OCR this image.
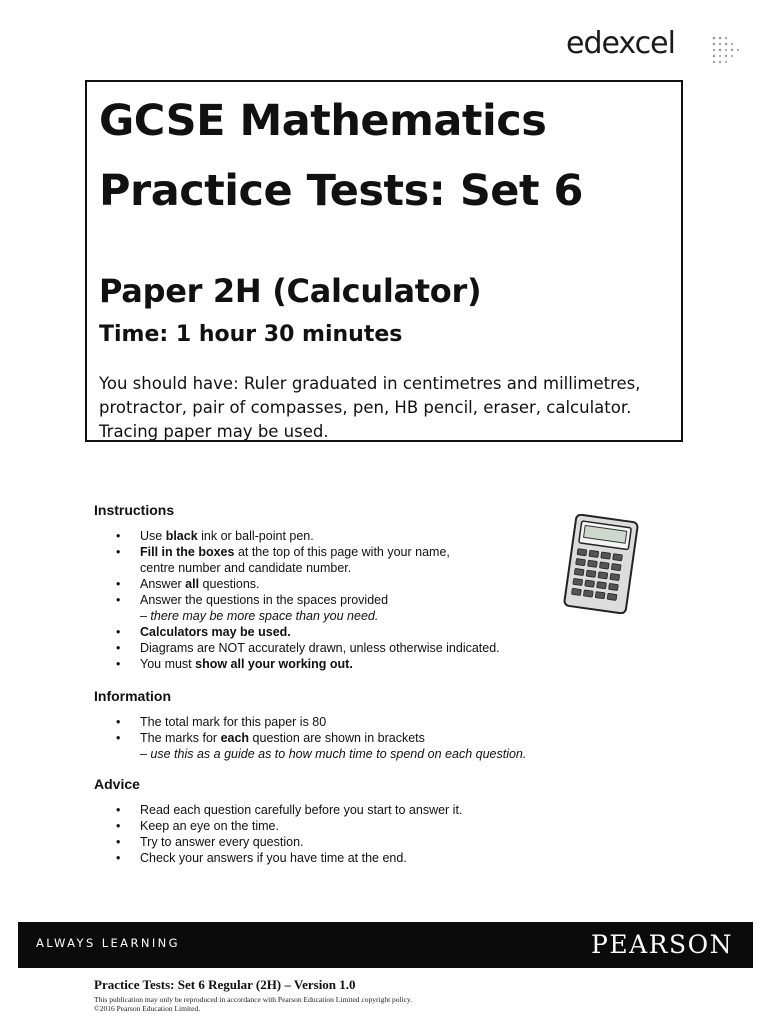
edexcel
GCSE Mathematics
Practice Tests: Set 6
Paper 2H (Calculator)
Time: 1 hour 30 minutes
You should have: Ruler graduated in centimetres and millimetres,
protractor, pair of compasses, pen, HB pencil, eraser, calculator.
Tracing paper may be used.
Instructions
• Use black ink or ball-point pen.
• Fill in the boxes at the top of this page with your name,
centre number and candidate number.
• Answer all questions.
• Answer the questions in the spaces provided
– there may be more space than you need.
• Calculators may be used.
• Diagrams are NOT accurately drawn, unless otherwise indicated.
• You must show all your working out.
Information
• The total mark for this paper is 80
• The marks for each question are shown in brackets
– use this as a guide as to how much time to spend on each question.
Advice
• Read each question carefully before you start to answer it.
• Keep an eye on the time.
• Try to answer every question.
• Check your answers if you have time at the end.
ALWAYS LEARNING	PEARSON
Practice Tests: Set 6 Regular (2H) – Version 1.0
This publication may only be reproduced in accordance with Pearson Education Limited copyright policy.
©2016 Pearson Education Limited.
